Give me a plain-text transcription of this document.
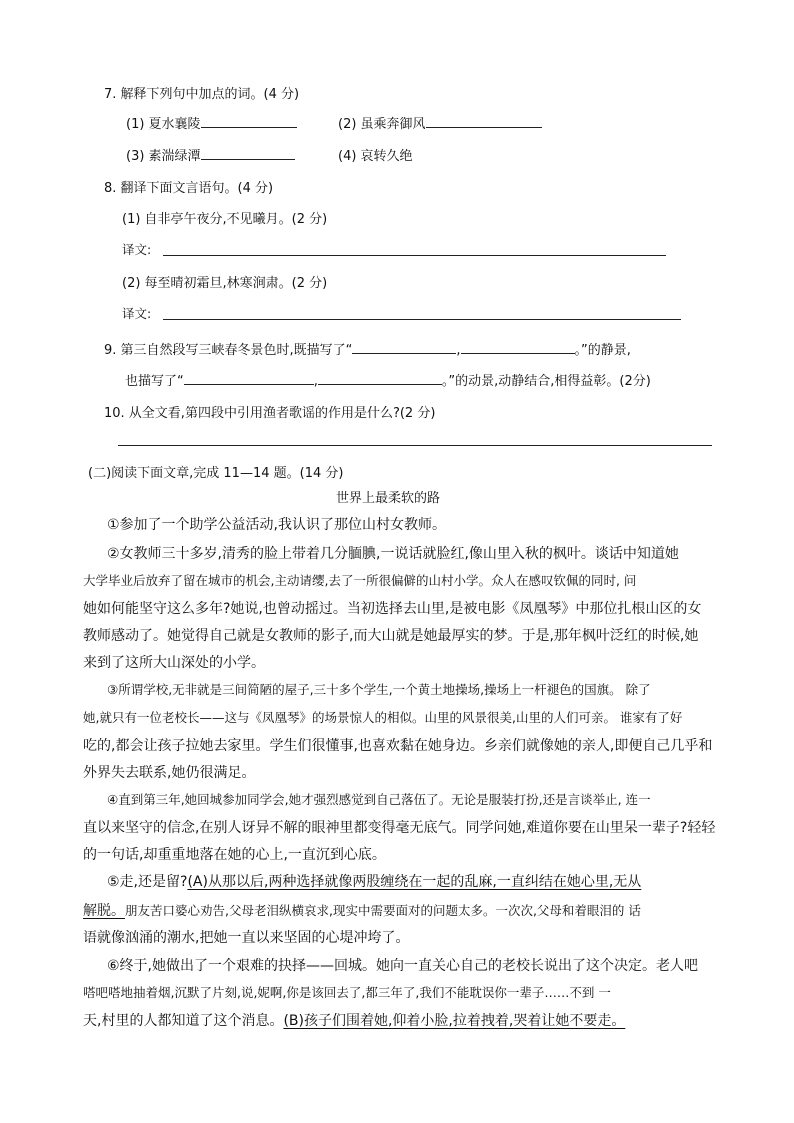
7. 解释下列句中加点的词。(4 分)
(1) 夏水襄陵	(2) 虽乘奔御风
(3) 素湍绿潭	(4) 哀转久绝
8. 翻译下面文言语句。(4 分)
(1) 自非亭午夜分,不见曦月。(2 分)
译文:
(2) 每至晴初霜旦,林寒涧肃。(2 分)
译文:
9. 第三自然段写三峡春冬景色时,既描写了“	,	。”的静景,
也描写了“	,	。”的动景,动静结合,相得益彰。(2分)
10. 从全文看,第四段中引用渔者歌谣的作用是什么?(2 分)
(二)阅读下面文章,完成 11—14 题。(14 分)
世界上最柔软的路
①参加了一个助学公益活动,我认识了那位山村女教师。
②女教师三十多岁,清秀的脸上带着几分腼腆,一说话就脸红,像山里入秋的枫叶。谈话中知道她
大学毕业后放弃了留在城市的机会,主动请缨,去了一所很偏僻的山村小学。众人在感叹钦佩的同时, 问
她如何能坚守这么多年?她说,也曾动摇过。当初选择去山里,是被电影《凤凰琴》中那位扎根山区的女
教师感动了。她觉得自己就是女教师的影子,而大山就是她最厚实的梦。于是,那年枫叶泛红的时候,她
来到了这所大山深处的小学。
③所谓学校,无非就是三间简陋的屋子,三十多个学生,一个黄土地操场,操场上一杆褪色的国旗。 除了
她,就只有一位老校长——这与《凤凰琴》的场景惊人的相似。山里的风景很美,山里的人们可亲。 谁家有了好
吃的,都会让孩子拉她去家里。学生们很懂事,也喜欢黏在她身边。乡亲们就像她的亲人,即便自己几乎和
外界失去联系,她仍很满足。
④直到第三年,她回城参加同学会,她才强烈感觉到自己落伍了。无论是服装打扮,还是言谈举止, 连一
直以来坚守的信念,在别人讶异不解的眼神里都变得毫无底气。同学问她,难道你要在山里呆一辈子?轻轻
的一句话,却重重地落在她的心上,一直沉到心底。
⑤走,还是留?(A)从那以后,两种选择就像两股缠绕在一起的乱麻,一直纠结在她心里,无从
解脱。朋友苦口婆心劝告,父母老泪纵横哀求,现实中需要面对的问题太多。一次次,父母和着眼泪的 话
语就像汹涌的潮水,把她一直以来坚固的心堤冲垮了。
⑥终于,她做出了一个艰难的抉择——回城。她向一直关心自己的老校长说出了这个决定。老人吧
嗒吧嗒地抽着烟,沉默了片刻,说,妮啊,你是该回去了,都三年了,我们不能耽误你一辈子……不到 一
天,村里的人都知道了这个消息。(B)孩子们围着她,仰着小脸,拉着拽着,哭着让她不要走。
